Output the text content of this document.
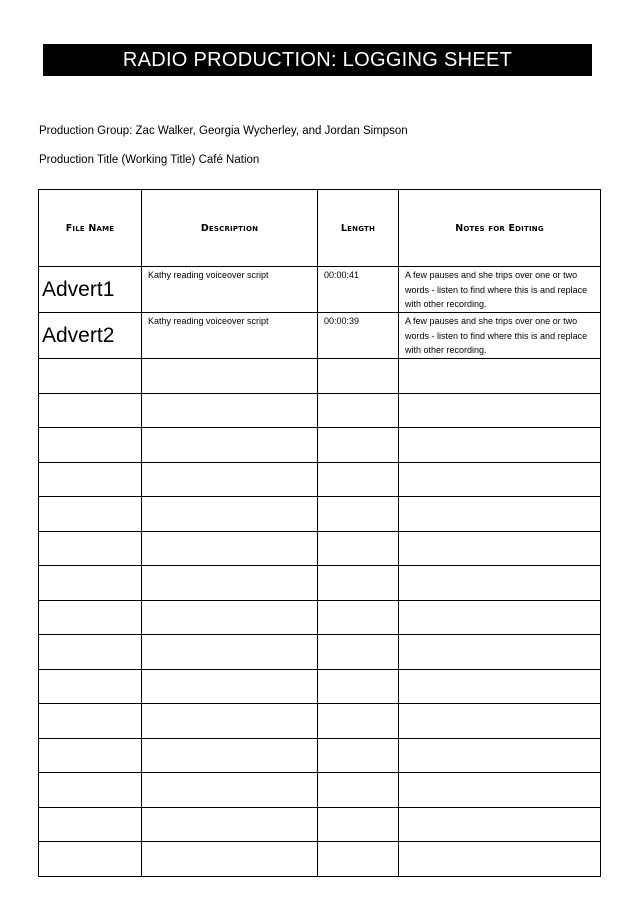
RADIO PRODUCTION: LOGGING SHEET
Production Group: Zac Walker, Georgia Wycherley, and Jordan Simpson
Production Title (Working Title) Café Nation
File Name	Description	Length	Notes for Editing
Advert1	Kathy reading voiceover script	00:00:41	A few pauses and she trips over one or two words - listen to find where this is and replace with other recording.
Advert2	Kathy reading voiceover script	00:00:39	A few pauses and she trips over one or two words - listen to find where this is and replace with other recording.
